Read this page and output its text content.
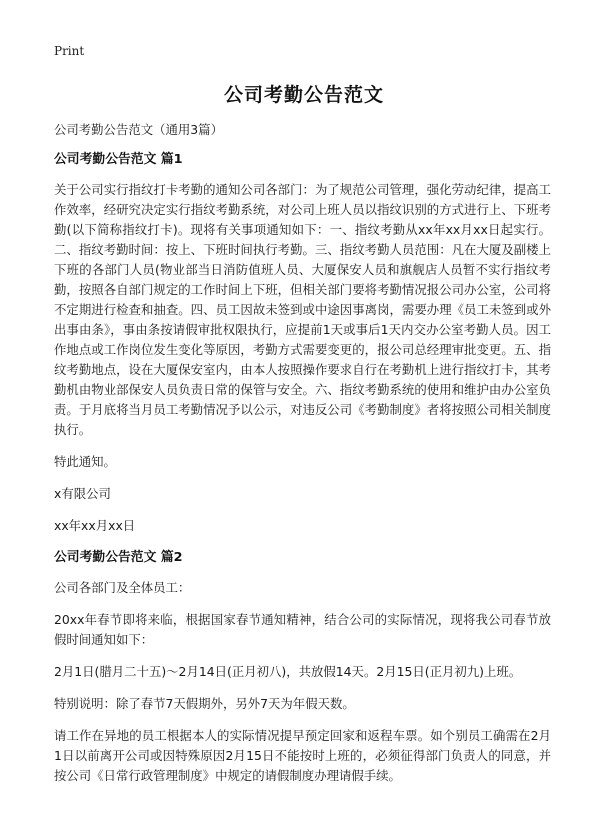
Print
公司考勤公告范文

公司考勤公告范文（通用3篇）

公司考勤公告范文 篇1

关于公司实行指纹打卡考勤的通知公司各部门：为了规范公司管理，强化劳动纪律，提高工作效率，经研究决定实行指纹考勤系统，对公司上班人员以指纹识别的方式进行上、下班考勤(以下简称指纹打卡)。现将有关事项通知如下：一、指纹考勤从xx年xx月xx日起实行。二、指纹考勤时间：按上、下班时间执行考勤。三、指纹考勤人员范围：凡在大厦及副楼上下班的各部门人员(物业部当日消防值班人员、大厦保安人员和旗舰店人员暂不实行指纹考勤，按照各自部门规定的工作时间上下班，但相关部门要将考勤情况报公司办公室，公司将不定期进行检查和抽查。四、员工因故未签到或中途因事离岗，需要办理《员工未签到或外出事由条》，事由条按请假审批权限执行，应提前1天或事后1天内交办公室考勤人员。因工作地点或工作岗位发生变化等原因，考勤方式需要变更的，报公司总经理审批变更。五、指纹考勤地点，设在大厦保安室内，由本人按照操作要求自行在考勤机上进行指纹打卡，其考勤机由物业部保安人员负责日常的保管与安全。六、指纹考勤系统的使用和维护由办公室负责。于月底将当月员工考勤情况予以公示，对违反公司《考勤制度》者将按照公司相关制度执行。

特此通知。

x有限公司

xx年xx月xx日

公司考勤公告范文 篇2

公司各部门及全体员工：

20xx年春节即将来临，根据国家春节通知精神，结合公司的实际情况，现将我公司春节放假时间通知如下：

2月1日(腊月二十五)～2月14日(正月初八)，共放假14天。2月15日(正月初九)上班。

特别说明：除了春节7天假期外，另外7天为年假天数。

请工作在异地的员工根据本人的实际情况提早预定回家和返程车票。如个别员工确需在2月1日以前离开公司或因特殊原因2月15日不能按时上班的，必须征得部门负责人的同意，并按公司《日常行政管理制度》中规定的请假制度办理请假手续。
